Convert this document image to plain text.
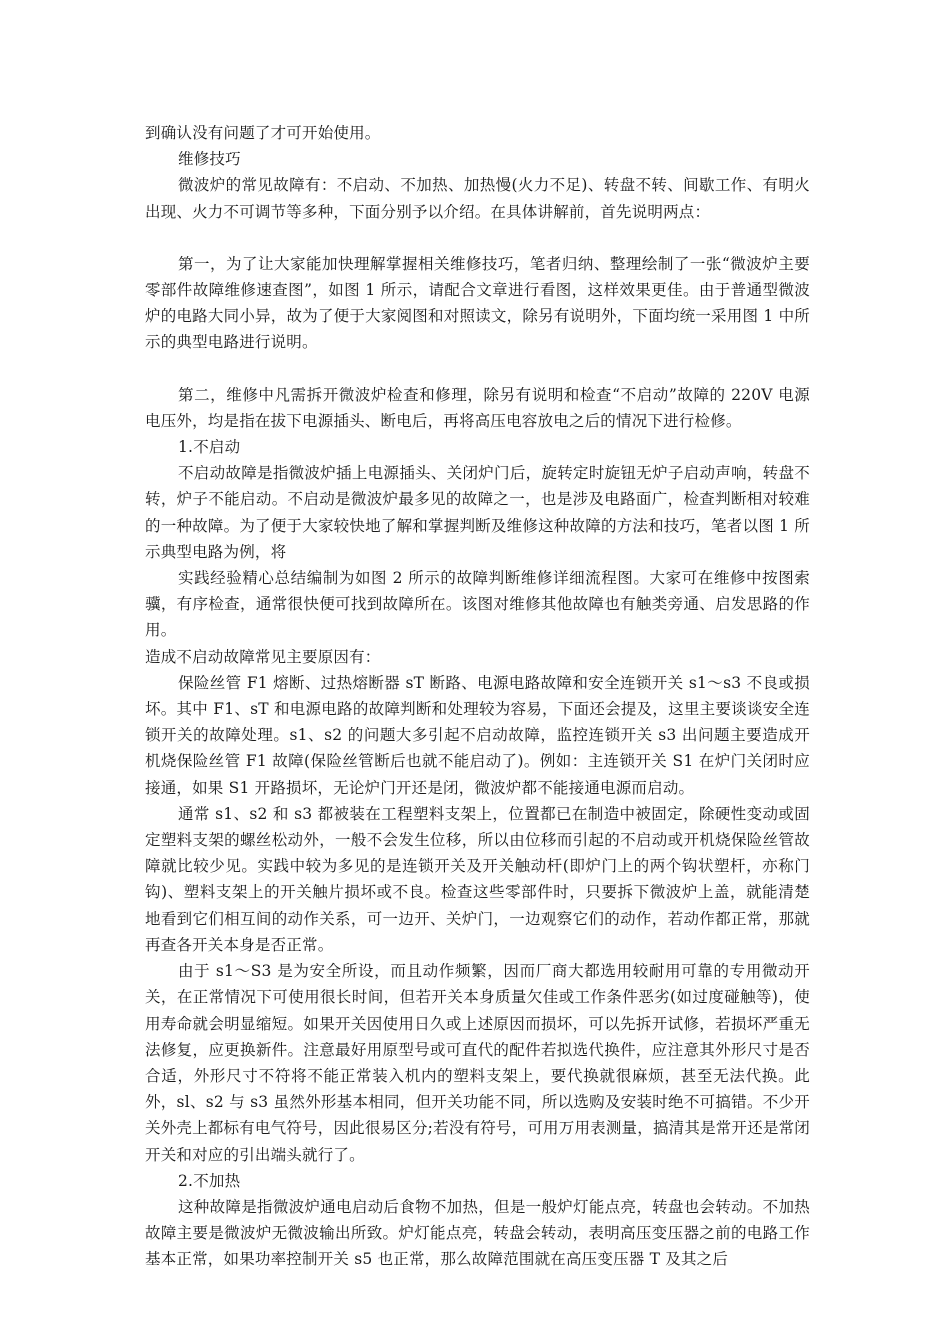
到确认没有问题了才可开始使用。

维修技巧

微波炉的常见故障有：不启动、不加热、加热慢(火力不足)、转盘不转、间歇工作、有明火出现、火力不可调节等多种，下面分别予以介绍。在具体讲解前，首先说明两点：

第一，为了让大家能加快理解掌握相关维修技巧，笔者归纳、整理绘制了一张“微波炉主要零部件故障维修速查图”，如图 1 所示，请配合文章进行看图，这样效果更佳。由于普通型微波炉的电路大同小异，故为了便于大家阅图和对照读文，除另有说明外，下面均统一采用图 1 中所示的典型电路进行说明。

第二，维修中凡需拆开微波炉检查和修理，除另有说明和检查“不启动”故障的 220V 电源电压外，均是指在拔下电源插头、断电后，再将高压电容放电之后的情况下进行检修。

1.不启动

不启动故障是指微波炉插上电源插头、关闭炉门后，旋转定时旋钮无炉子启动声响，转盘不转，炉子不能启动。不启动是微波炉最多见的故障之一，也是涉及电路面广，检查判断相对较难的一种故障。为了便于大家较快地了解和掌握判断及维修这种故障的方法和技巧，笔者以图 1 所示典型电路为例，将

实践经验精心总结编制为如图 2 所示的故障判断维修详细流程图。大家可在维修中按图索骥，有序检查，通常很快便可找到故障所在。该图对维修其他故障也有触类旁通、启发思路的作用。

造成不启动故障常见主要原因有：

保险丝管 F1 熔断、过热熔断器 sT 断路、电源电路故障和安全连锁开关 s1～s3 不良或损坏。其中 F1、sT 和电源电路的故障判断和处理较为容易，下面还会提及，这里主要谈谈安全连锁开关的故障处理。s1、s2 的问题大多引起不启动故障，监控连锁开关 s3 出问题主要造成开机烧保险丝管 F1 故障(保险丝管断后也就不能启动了)。例如：主连锁开关 S1 在炉门关闭时应接通，如果 S1 开路损坏，无论炉门开还是闭，微波炉都不能接通电源而启动。

通常 s1、s2 和 s3 都被装在工程塑料支架上，位置都已在制造中被固定，除硬性变动或固定塑料支架的螺丝松动外，一般不会发生位移，所以由位移而引起的不启动或开机烧保险丝管故障就比较少见。实践中较为多见的是连锁开关及开关触动杆(即炉门上的两个钩状塑杆，亦称门钩)、塑料支架上的开关触片损坏或不良。检查这些零部件时，只要拆下微波炉上盖，就能清楚地看到它们相互间的动作关系，可一边开、关炉门，一边观察它们的动作，若动作都正常，那就再查各开关本身是否正常。

由于 s1～S3 是为安全所设，而且动作频繁，因而厂商大都选用较耐用可靠的专用微动开关，在正常情况下可使用很长时间，但若开关本身质量欠佳或工作条件恶劣(如过度碰触等)，使用寿命就会明显缩短。如果开关因使用日久或上述原因而损坏，可以先拆开试修，若损坏严重无法修复，应更换新件。注意最好用原型号或可直代的配件若拟选代换件，应注意其外形尺寸是否合适，外形尺寸不符将不能正常装入机内的塑料支架上，要代换就很麻烦，甚至无法代换。此外，sl、s2 与 s3 虽然外形基本相同，但开关功能不同，所以选购及安装时绝不可搞错。不少开关外壳上都标有电气符号，因此很易区分;若没有符号，可用万用表测量，搞清其是常开还是常闭开关和对应的引出端头就行了。

2.不加热

这种故障是指微波炉通电启动后食物不加热，但是一般炉灯能点亮，转盘也会转动。不加热故障主要是微波炉无微波输出所致。炉灯能点亮，转盘会转动，表明高压变压器之前的电路工作基本正常，如果功率控制开关 s5 也正常，那么故障范围就在高压变压器 T 及其之后
